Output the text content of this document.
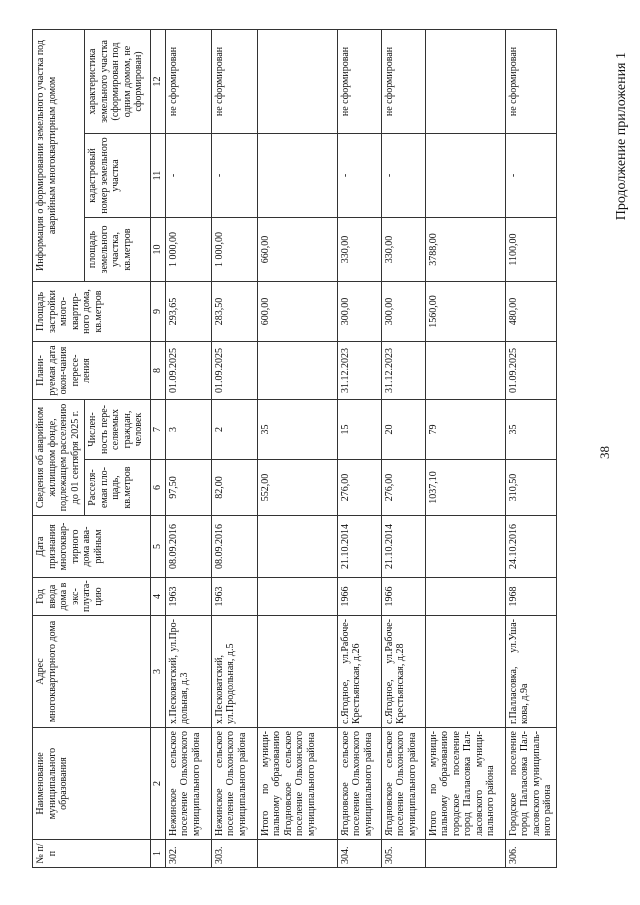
38
Продолжение приложения 1
№ п/п	Наименование муниципального образования	Адрес многоквартирного дома	Год ввода дома в экс-плуата-цию	Дата признания многоквар-тирного дома ава-рийным	Сведения об аварийном жилищном фонде, подлежащем расселению до 01 сентября 2025 г.		Плани-руемая дата окон-чания пересе-ления	Площадь застройки много-квартир-ного дома, кв.метров	Информация о формировании земельного участка под аварийным многоквартирным домом		
					Расселя-емая пло-щадь, кв.метров	Числен-ность пере-селяемых граждан, человек			площадь земельного участка, кв.метров	кадастровый номер земельного участка	характеристика земельного участка (сформирован под одним домом, не сформирован)
1	2	3	4	5	6	7	8	9	10	11	12
302.	Нежинское сельское поселение Ольхонского муниципального района	х.Песковатский, ул.Про-дольная, д.3	1963	08.09.2016	97,50	3	01.09.2025	293,65	1 000,00	-	не сформирован
303.	Нежинское сельское поселение Ольхонского муниципального района	х.Песковатский, ул.Продольная, д.5	1963	08.09.2016	82,00	2	01.09.2025	283,50	1 000,00	-	не сформирован
	Итого по муници-пальному образованию Ягодновское сельское поселение Ольхонского муниципального района				552,00	35		600,00	660,00		
304.	Ягодновское сельское поселение Ольхонского муниципального района	с.Ягодное, ул.Рабоче-Крестьянская, д.26	1966	21.10.2014	276,00	15	31.12.2023	300,00	330,00	-	не сформирован
305.	Ягодновское сельское поселение Ольхонского муниципального района	с.Ягодное, ул.Рабоче-Крестьянская, д.28	1966	21.10.2014	276,00	20	31.12.2023	300,00	330,00	-	не сформирован
	Итого по муници-пальному образованию городское поселение город Палласовка Пал-ласовского муници-пального района				1037,10	79		1560,00	3788,00		
306.	Городское поселение город Палласовка Пал-ласовского муниципаль-ного района	г.Палласовка, ул.Уша-кова, д.9а	1968	24.10.2016	310,50	35	01.09.2025	480,00	1100,00	-	не сформирован
